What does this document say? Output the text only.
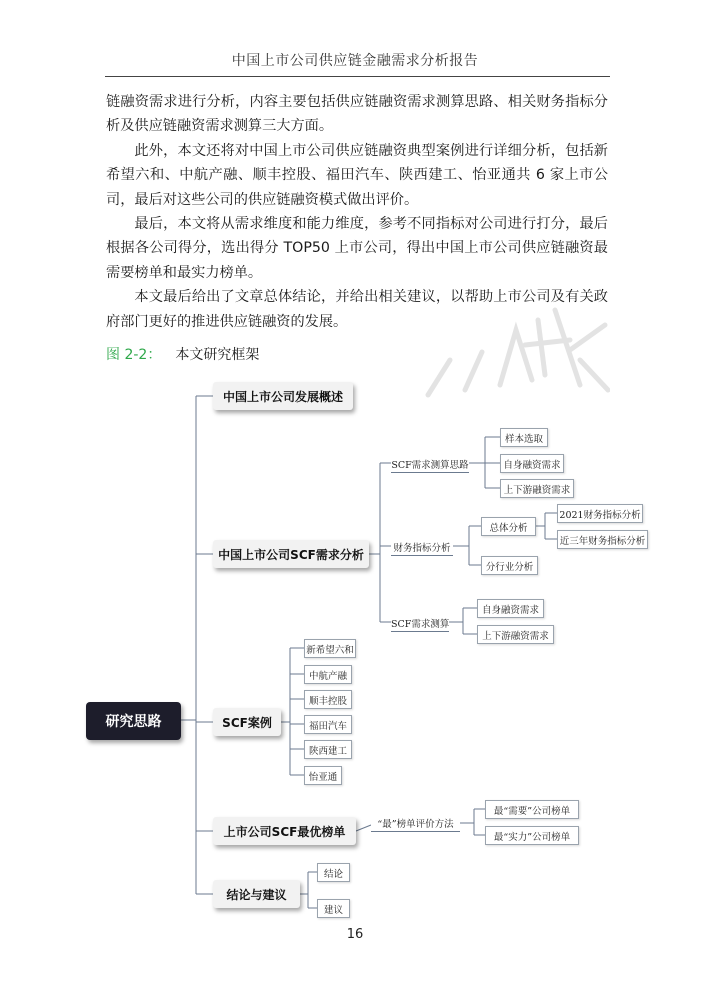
中国上市公司供应链金融需求分析报告

链融资需求进行分析，内容主要包括供应链融资需求测算思路、相关财务指标分析及供应链融资需求测算三大方面。

此外，本文还将对中国上市公司供应链融资典型案例进行详细分析，包括新希望六和、中航产融、顺丰控股、福田汽车、陕西建工、怡亚通共 6 家上市公司，最后对这些公司的供应链融资模式做出评价。

最后，本文将从需求维度和能力维度，参考不同指标对公司进行打分，最后根据各公司得分，选出得分 TOP50 上市公司，得出中国上市公司供应链融资最需要榜单和最实力榜单。

本文最后给出了文章总体结论，并给出相关建议，以帮助上市公司及有关政府部门更好的推进供应链融资的发展。

图 2-2： 本文研究框架
研究思路
中国上市公司发展概述
中国上市公司SCF需求分析
SCF案例
上市公司SCF最优榜单
结论与建议
SCF需求测算思路
财务指标分析
SCF需求测算
样本选取
自身融资需求
上下游融资需求
总体分析
分行业分析
2021财务指标分析
近三年财务指标分析
自身融资需求
上下游融资需求
新希望六和
中航产融
顺丰控股
福田汽车
陕西建工
怡亚通
“最”榜单评价方法
最“需要”公司榜单
最“实力”公司榜单
结论
建议
16
